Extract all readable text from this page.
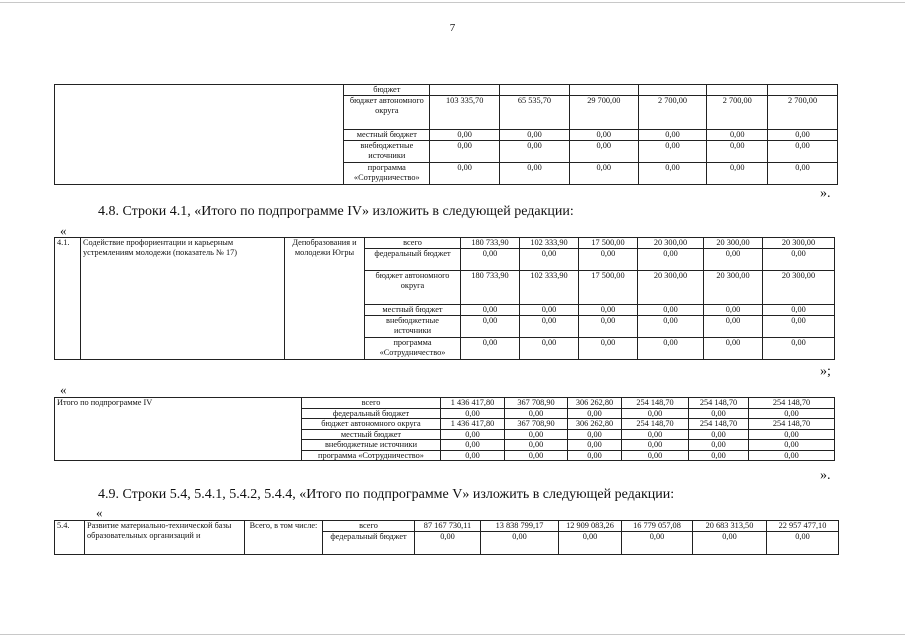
7
	бюджет						
	бюджет автономного округа	103 335,70	65 535,70	29 700,00	2 700,00	2 700,00	2 700,00
	местный бюджет	0,00	0,00	0,00	0,00	0,00	0,00
	внебюджетные источники	0,00	0,00	0,00	0,00	0,00	0,00
	программа «Сотрудничество»	0,00	0,00	0,00	0,00	0,00	0,00
».
4.8. Строки 4.1, «Итого по подпрограмме IV» изложить в следующей редакции:
«
4.1.	Содействие профориентации и карьерным устремлениям молодежи (показатель № 17)	Депобразования и молодежи Югры	всего	180 733,90	102 333,90	17 500,00	20 300,00	20 300,00	20 300,00
			федеральный бюджет	0,00	0,00	0,00	0,00	0,00	0,00
			бюджет автономного округа	180 733,90	102 333,90	17 500,00	20 300,00	20 300,00	20 300,00
			местный бюджет	0,00	0,00	0,00	0,00	0,00	0,00
			внебюджетные источники	0,00	0,00	0,00	0,00	0,00	0,00
			программа «Сотрудничество»	0,00	0,00	0,00	0,00	0,00	0,00
»;
«
Итого по подпрограмме IV	всего	1 436 417,80	367 708,90	306 262,80	254 148,70	254 148,70	254 148,70
	федеральный бюджет	0,00	0,00	0,00	0,00	0,00	0,00
	бюджет автономного округа	1 436 417,80	367 708,90	306 262,80	254 148,70	254 148,70	254 148,70
	местный бюджет	0,00	0,00	0,00	0,00	0,00	0,00
	внебюджетные источники	0,00	0,00	0,00	0,00	0,00	0,00
	программа «Сотрудничество»	0,00	0,00	0,00	0,00	0,00	0,00
».
4.9. Строки 5.4, 5.4.1, 5.4.2, 5.4.4, «Итого по подпрограмме V» изложить в следующей редакции:
«
5.4.	Развитие материально-технической базы образовательных организаций и	Всего, в том числе:	всего	87 167 730,11	13 838 799,17	12 909 083,26	16 779 057,08	20 683 313,50	22 957 477,10
			федеральный бюджет	0,00	0,00	0,00	0,00	0,00	0,00
